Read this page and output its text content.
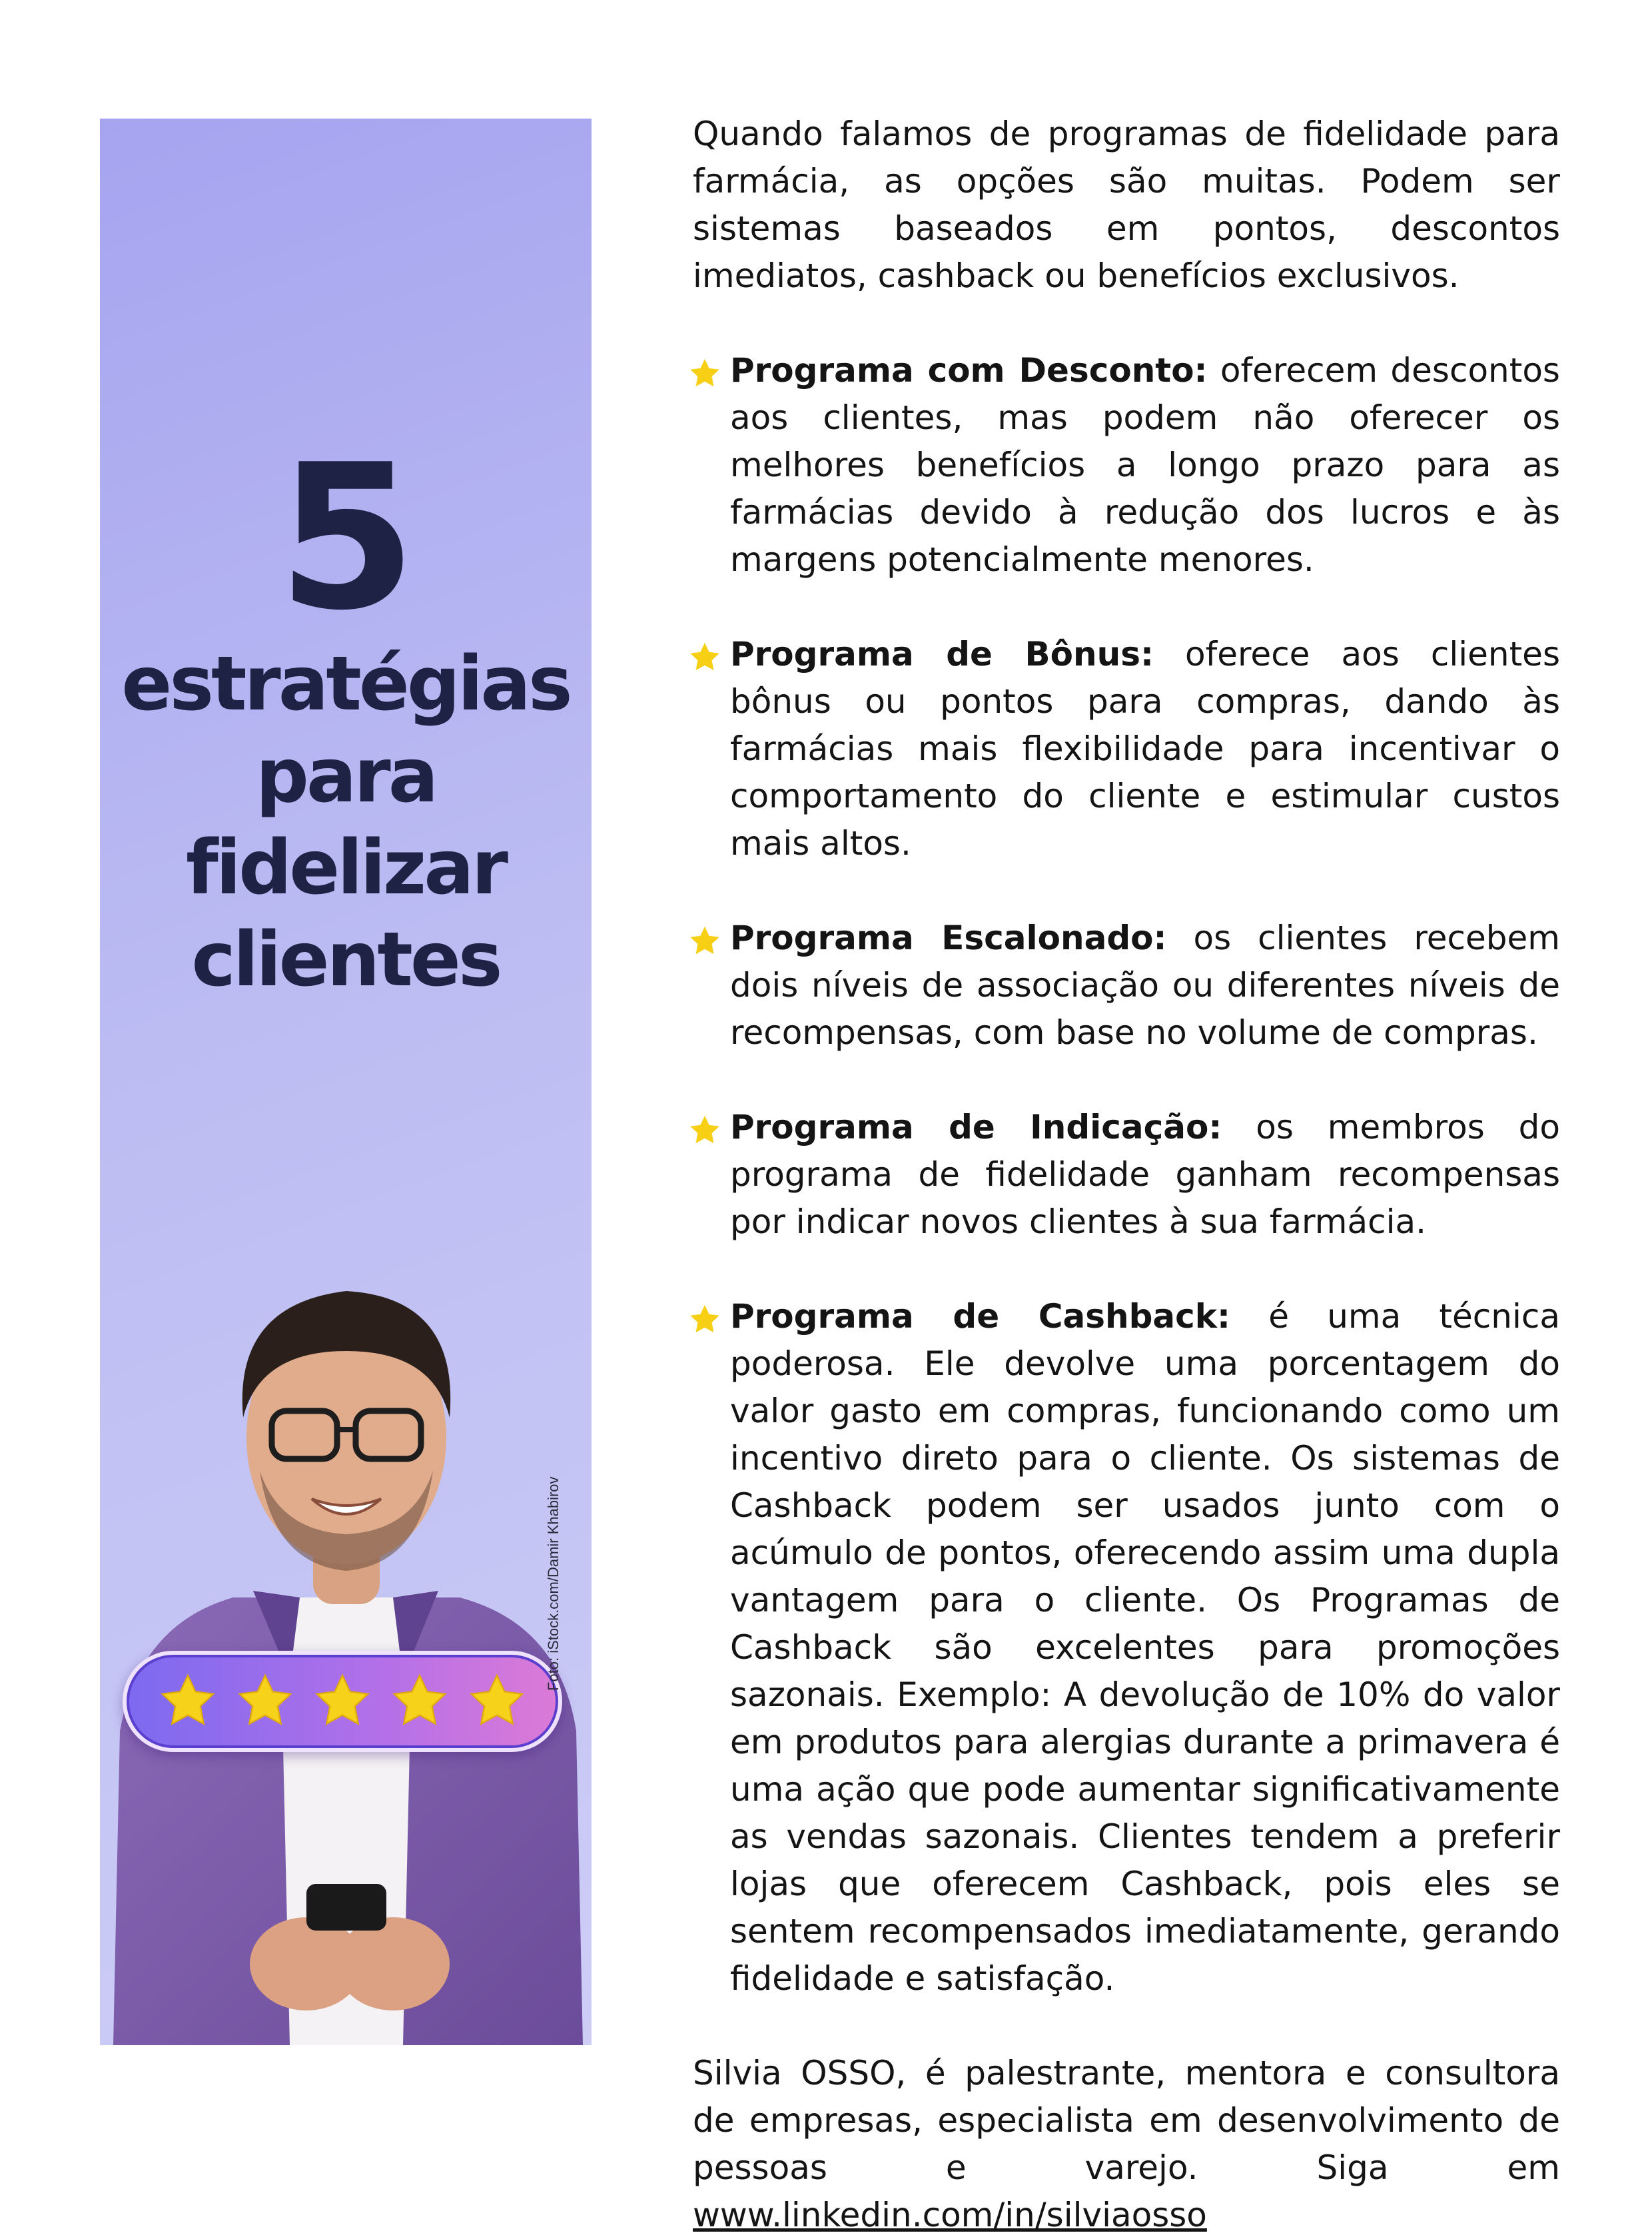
5
estratégias
para
fidelizar
clientes
Foto: iStock.com/Damir Khabirov

Quando falamos de programas de fidelidade para farmácia, as opções são muitas. Podem ser sistemas baseados em pontos, descontos imediatos, cashback ou benefícios exclusivos.

Programa com Desconto: oferecem descontos aos clientes, mas podem não oferecer os melhores benefícios a longo prazo para as farmácias devido à redução dos lucros e às margens potencialmente menores.

Programa de Bônus: oferece aos clientes bônus ou pontos para compras, dando às farmácias mais flexibilidade para incentivar o comportamento do cliente e estimular custos mais altos.

Programa Escalonado: os clientes recebem dois níveis de associação ou diferentes níveis de recompensas, com base no volume de compras.

Programa de Indicação: os membros do programa de fidelidade ganham recompensas por indicar novos clientes à sua farmácia.

Programa de Cashback: é uma técnica poderosa. Ele devolve uma porcentagem do valor gasto em compras, funcionando como um incentivo direto para o cliente. Os sistemas de Cashback podem ser usados junto com o acúmulo de pontos, oferecendo assim uma dupla vantagem para o cliente. Os Programas de Cashback são excelentes para promoções sazonais. Exemplo: A devolução de 10% do valor em produtos para alergias durante a primavera é uma ação que pode aumentar significativamente as vendas sazonais. Clientes tendem a preferir lojas que oferecem Cashback, pois eles se sentem recompensados imediatamente, gerando fidelidade e satisfação.

Silvia OSSO, é palestrante, mentora e consultora de empresas, especialista em desenvolvimento de pessoas e varejo. Siga em www.linkedin.com/in/silviaosso
